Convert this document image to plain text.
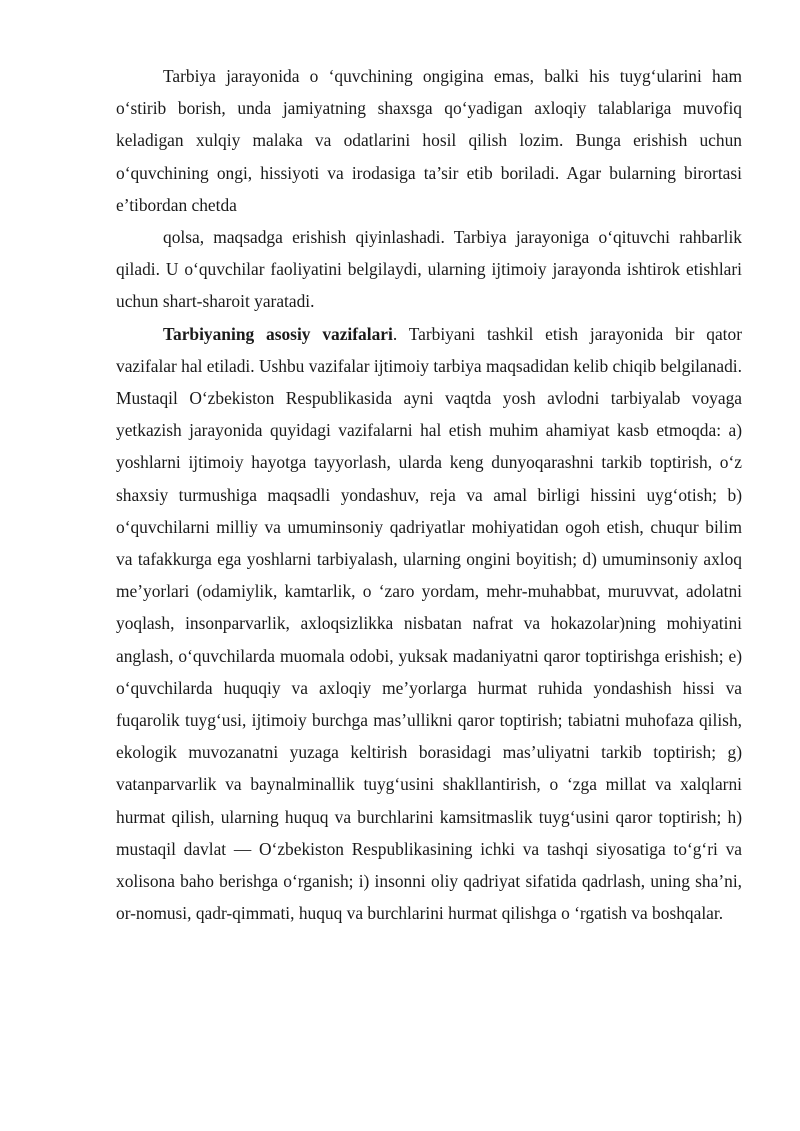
Tarbiya jarayonida o ‘quvchining ongigina emas, balki his tuyg‘ularini ham o‘stirib borish, unda jamiyatning shaxsga qo‘yadigan axloqiy talablariga muvofiq keladigan xulqiy malaka va odatlarini hosil qilish lozim. Bunga erishish uchun o‘quvchining ongi, hissiyoti va irodasiga ta’sir etib boriladi. Agar bularning birortasi e’tibordan chetda

qolsa, maqsadga erishish qiyinlashadi. Tarbiya jarayoniga o‘qituvchi rahbarlik qiladi. U o‘quvchilar faoliyatini belgilaydi, ularning ijtimoiy jarayonda ishtirok etishlari uchun shart-sharoit yaratadi.

Tarbiyaning asosiy vazifalari. Tarbiyani tashkil etish jarayonida bir qator vazifalar hal etiladi. Ushbu vazifalar ijtimoiy tarbiya maqsadidan kelib chiqib belgilanadi. Mustaqil O‘zbekiston Respublikasida ayni vaqtda yosh avlodni tarbiyalab voyaga yetkazish jarayonida quyidagi vazifalarni hal etish muhim ahamiyat kasb etmoqda: a) yoshlarni ijtimoiy hayotga tayyorlash, ularda keng dunyoqarashni tarkib toptirish, o‘z shaxsiy turmushiga maqsadli yondashuv, reja va amal birligi hissini uyg‘otish; b) o‘quvchilarni milliy va umuminsoniy qadriyatlar mohiyatidan ogoh etish, chuqur bilim va tafakkurga ega yoshlarni tarbiyalash, ularning ongini boyitish; d) umuminsoniy axloq me’yorlari (odamiylik, kamtarlik, o ‘zaro yordam, mehr-muhabbat, muruvvat, adolatni yoqlash, insonparvarlik, axloqsizlikka nisbatan nafrat va hokazolar)ning mohiyatini anglash, o‘quvchilarda muomala odobi, yuksak madaniyatni qaror toptirishga erishish; e) o‘quvchilarda huquqiy va axloqiy me’yorlarga hurmat ruhida yondashish hissi va fuqarolik tuyg‘usi, ijtimoiy burchga mas’ullikni qaror toptirish; tabiatni muhofaza qilish, ekologik muvozanatni yuzaga keltirish borasidagi mas’uliyatni tarkib toptirish; g) vatanparvarlik va baynalminallik tuyg‘usini shakllantirish, o ‘zga millat va xalqlarni hurmat qilish, ularning huquq va burchlarini kamsitmaslik tuyg‘usini qaror toptirish; h) mustaqil davlat — O‘zbekiston Respublikasining ichki va tashqi siyosatiga to‘g‘ri va xolisona baho berishga o‘rganish; i) insonni oliy qadriyat sifatida qadrlash, uning sha’ni, or-nomusi, qadr-qimmati, huquq va burchlarini hurmat qilishga o ‘rgatish va boshqalar.
